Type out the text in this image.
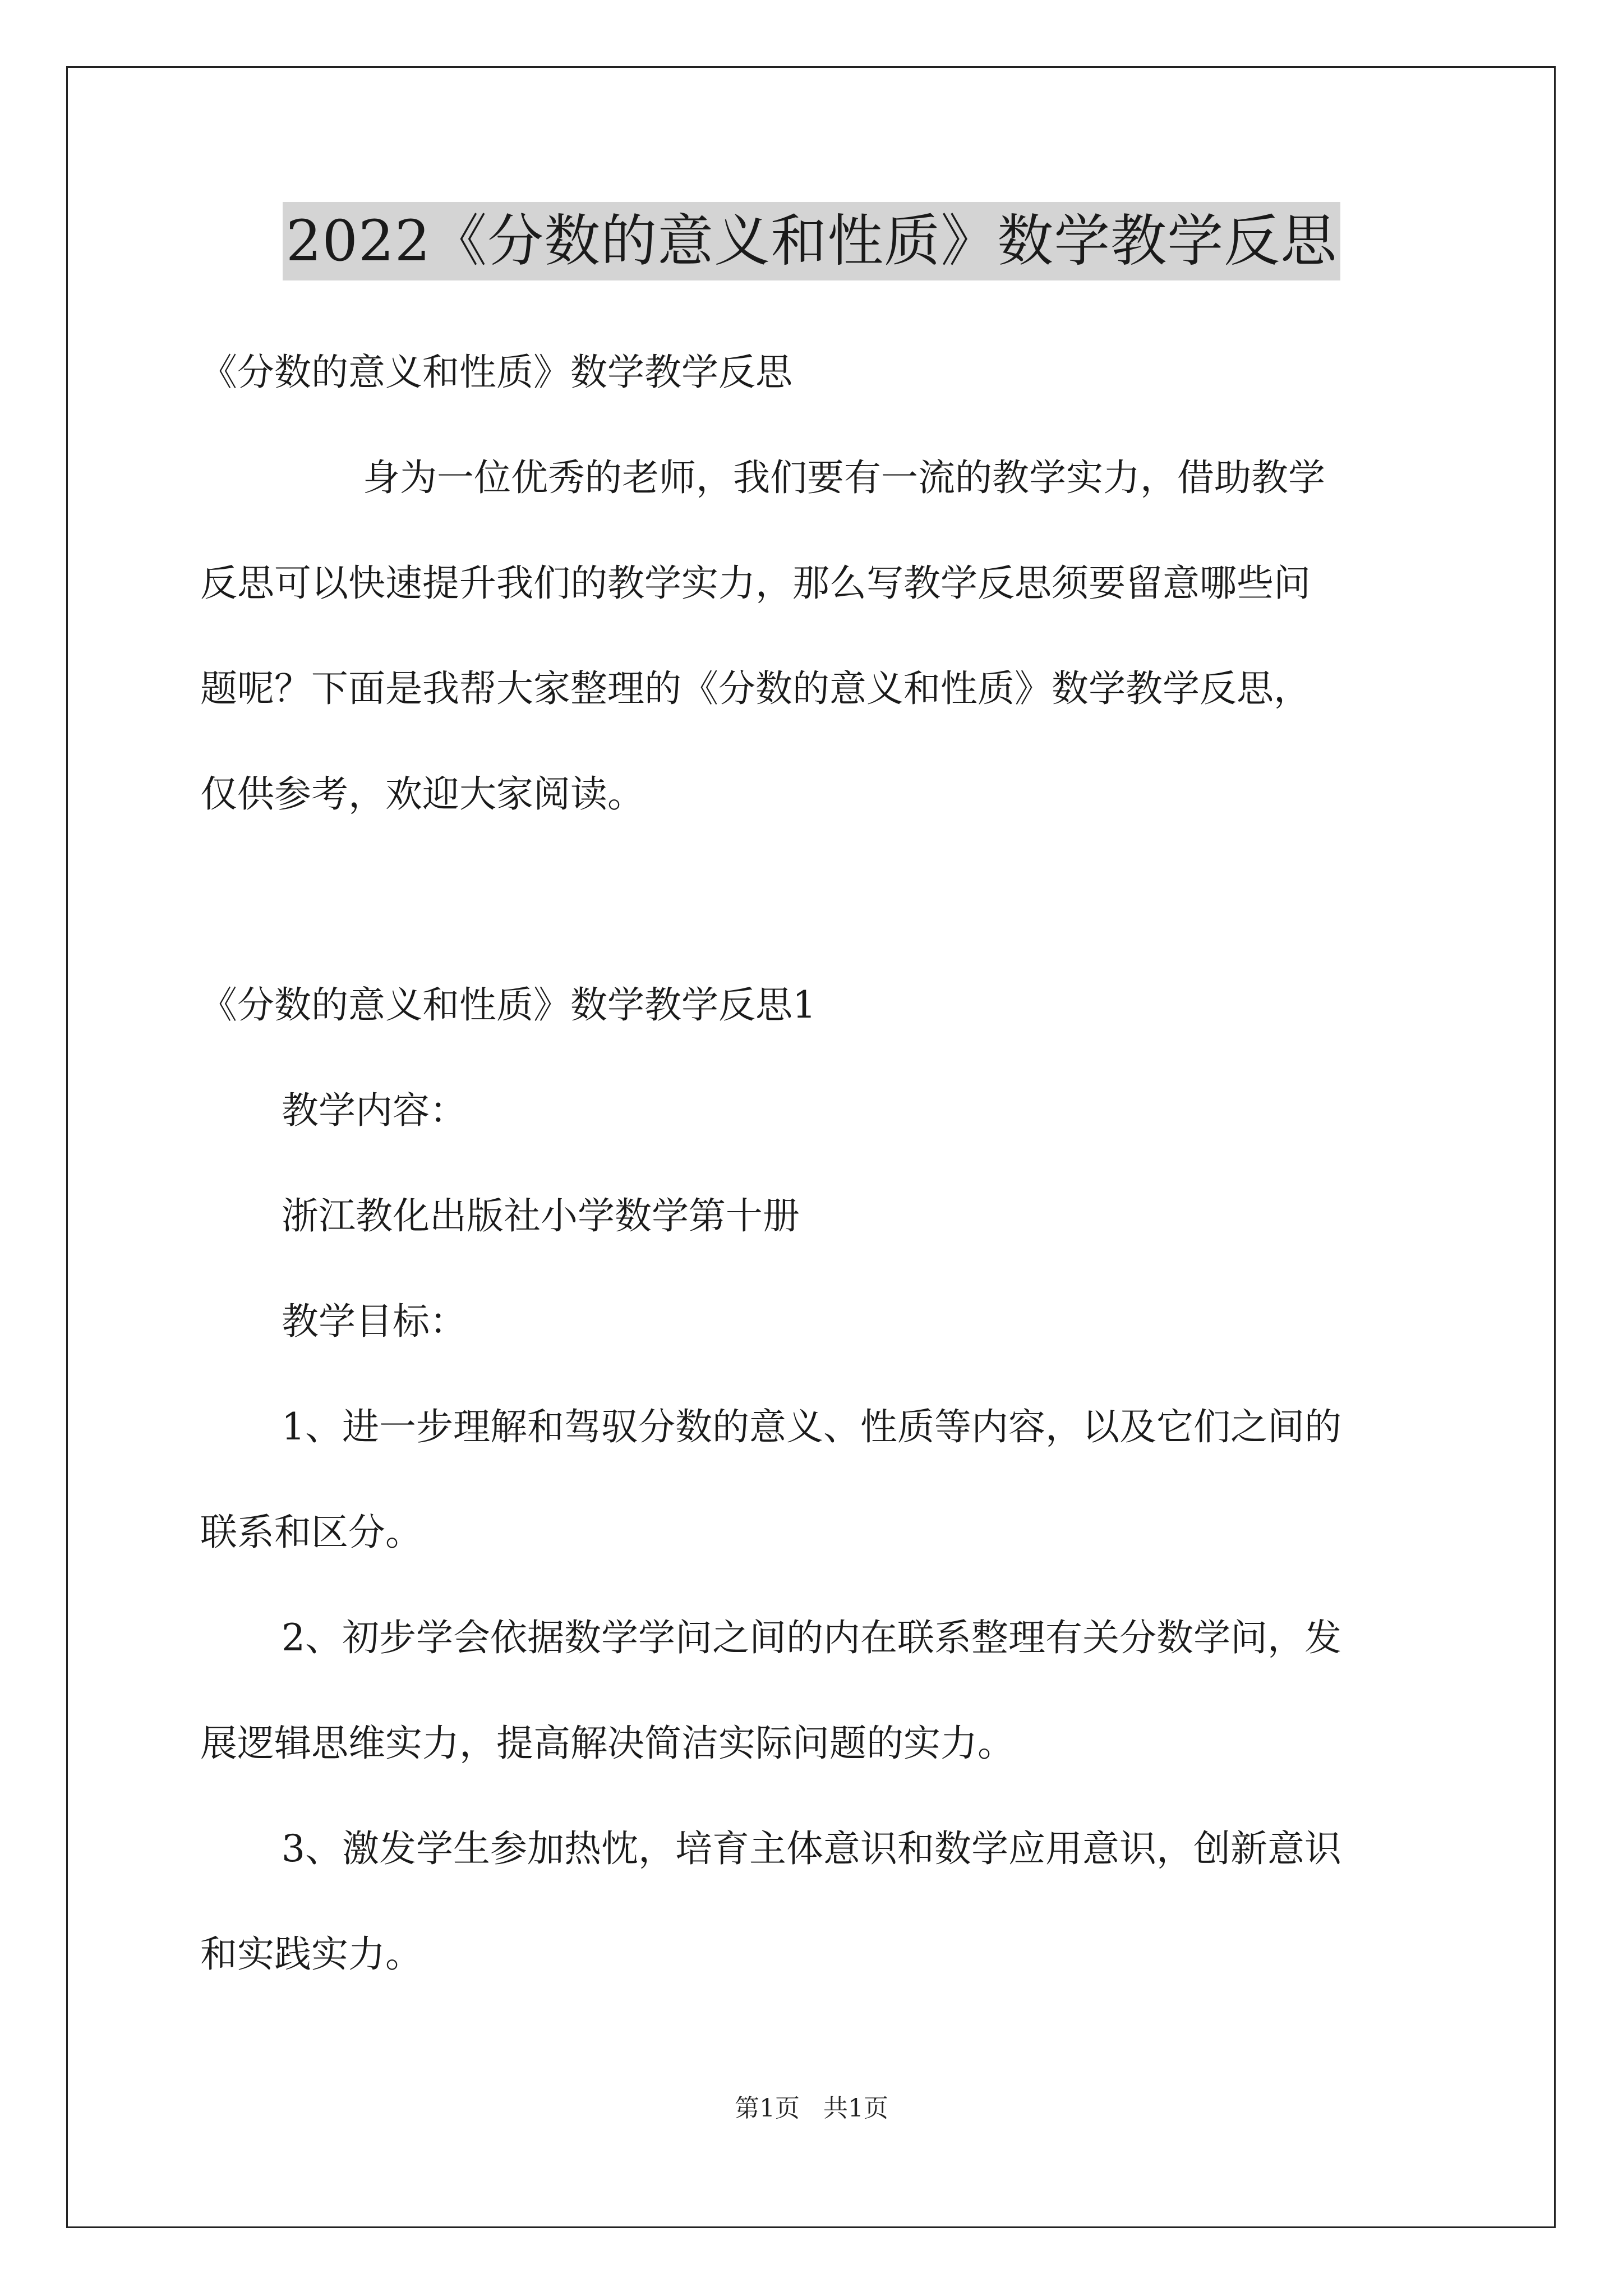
2022《分数的意义和性质》数学教学反思

《分数的意义和性质》数学教学反思

身为一位优秀的老师，我们要有一流的教学实力，借助教学

反思可以快速提升我们的教学实力，那么写教学反思须要留意哪些问

题呢？下面是我帮大家整理的《分数的意义和性质》数学教学反思，

仅供参考，欢迎大家阅读。

《分数的意义和性质》数学教学反思1

教学内容：

浙江教化出版社小学数学第十册

教学目标：

1、进一步理解和驾驭分数的意义、性质等内容，以及它们之间的

联系和区分。

2、初步学会依据数学学问之间的内在联系整理有关分数学问，发

展逻辑思维实力，提高解决简洁实际问题的实力。

3、激发学生参加热忱，培育主体意识和数学应用意识，创新意识

和实践实力。

第1页 共1页
